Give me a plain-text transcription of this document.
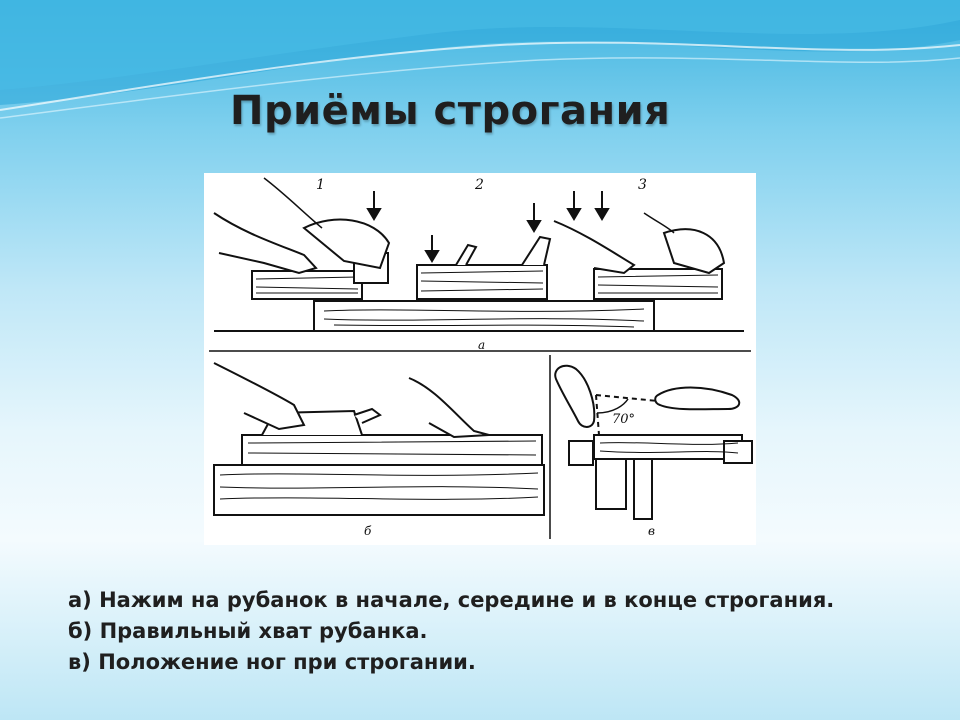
Приёмы строгания
1	2	3
а
б	в
70°
а) Нажим на рубанок в начале, середине и в конце строгания.
б) Правильный хват рубанка.
в) Положение ног при строгании.
